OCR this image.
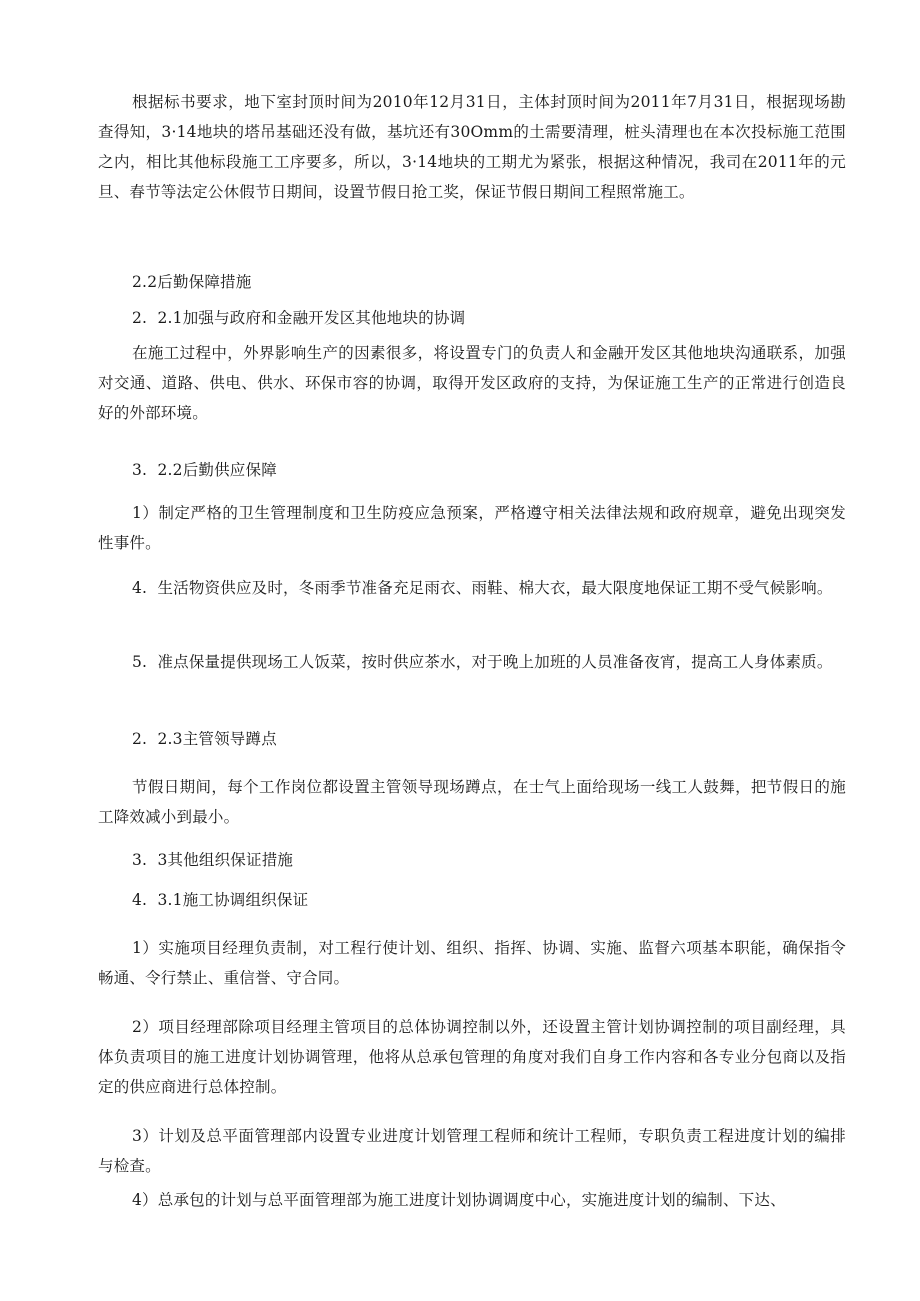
根据标书要求，地下室封顶时间为2010年12月31日，主体封顶时间为2011年7月31日，根据现场勘查得知，3·14地块的塔吊基础还没有做，基坑还有30Omm的土需要清理，桩头清理也在本次投标施工范围之内，相比其他标段施工工序要多，所以，3·14地块的工期尤为紧张，根据这种情况，我司在2011年的元旦、春节等法定公休假节日期间，设置节假日抢工奖，保证节假日期间工程照常施工。

2.2后勤保障措施

2.  2.1加强与政府和金融开发区其他地块的协调

在施工过程中，外界影响生产的因素很多，将设置专门的负责人和金融开发区其他地块沟通联系，加强对交通、道路、供电、供水、环保市容的协调，取得开发区政府的支持，为保证施工生产的正常进行创造良好的外部环境。

3.  2.2后勤供应保障

1）制定严格的卫生管理制度和卫生防疫应急预案，严格遵守相关法律法规和政府规章，避免出现突发性事件。

4.  生活物资供应及时，冬雨季节准备充足雨衣、雨鞋、棉大衣，最大限度地保证工期不受气候影响。

5.  准点保量提供现场工人饭菜，按时供应茶水，对于晚上加班的人员准备夜宵，提高工人身体素质。

2.  2.3主管领导蹲点

节假日期间，每个工作岗位都设置主管领导现场蹲点，在士气上面给现场一线工人鼓舞，把节假日的施工降效减小到最小。

3.  3其他组织保证措施

4.  3.1施工协调组织保证

1）实施项目经理负责制，对工程行使计划、组织、指挥、协调、实施、监督六项基本职能，确保指令畅通、令行禁止、重信誉、守合同。

2）项目经理部除项目经理主管项目的总体协调控制以外，还设置主管计划协调控制的项目副经理，具体负责项目的施工进度计划协调管理，他将从总承包管理的角度对我们自身工作内容和各专业分包商以及指定的供应商进行总体控制。

3）计划及总平面管理部内设置专业进度计划管理工程师和统计工程师，专职负责工程进度计划的编排与检查。

4）总承包的计划与总平面管理部为施工进度计划协调调度中心，实施进度计划的编制、下达、
